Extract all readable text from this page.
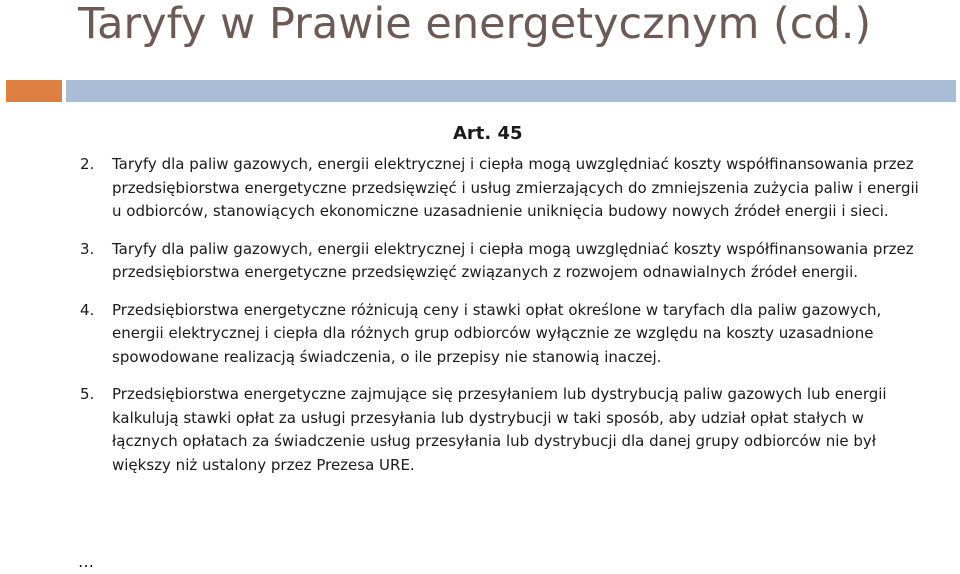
Taryfy w Prawie energetycznym (cd.)
Art. 45
2. Taryfy dla paliw gazowych, energii elektrycznej i ciepła mogą uwzględniać koszty współfinansowania przez przedsiębiorstwa energetyczne przedsięwzięć i usług zmierzających do zmniejszenia zużycia paliw i energii u odbiorców, stanowiących ekonomiczne uzasadnienie uniknięcia budowy nowych źródeł energii i sieci.
3. Taryfy dla paliw gazowych, energii elektrycznej i ciepła mogą uwzględniać koszty współfinansowania przez przedsiębiorstwa energetyczne przedsięwzięć związanych z rozwojem odnawialnych źródeł energii.
4. Przedsiębiorstwa energetyczne różnicują ceny i stawki opłat określone w taryfach dla paliw gazowych, energii elektrycznej i ciepła dla różnych grup odbiorców wyłącznie ze względu na koszty uzasadnione spowodowane realizacją świadczenia, o ile przepisy nie stanowią inaczej.
5. Przedsiębiorstwa energetyczne zajmujące się przesyłaniem lub dystrybucją paliw gazowych lub energii kalkulują stawki opłat za usługi przesyłania lub dystrybucji w taki sposób, aby udział opłat stałych w łącznych opłatach za świadczenie usług przesyłania lub dystrybucji dla danej grupy odbiorców nie był większy niż ustalony przez Prezesa URE.
…
